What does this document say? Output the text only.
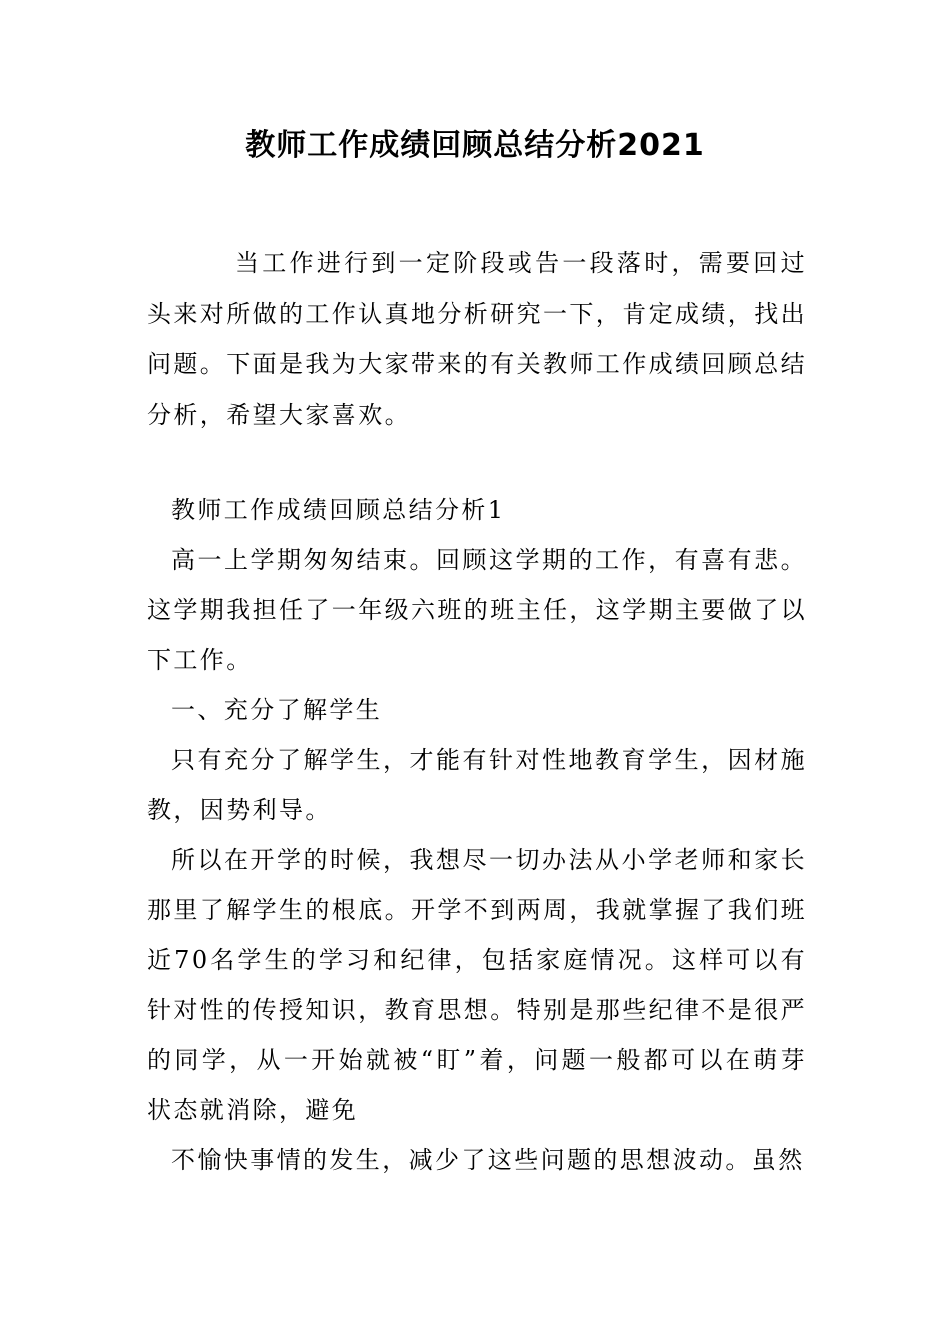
教师工作成绩回顾总结分析2021
当工作进行到一定阶段或告一段落时，需要回过头来对所做的工作认真地分析研究一下，肯定成绩，找出问题。下面是我为大家带来的有关教师工作成绩回顾总结分析，希望大家喜欢。

教师工作成绩回顾总结分析1

高一上学期匆匆结束。回顾这学期的工作，有喜有悲。这学期我担任了一年级六班的班主任，这学期主要做了以下工作。

一、充分了解学生

只有充分了解学生，才能有针对性地教育学生，因材施教，因势利导。

所以在开学的时候，我想尽一切办法从小学老师和家长那里了解学生的根底。开学不到两周，我就掌握了我们班近70名学生的学习和纪律，包括家庭情况。这样可以有针对性的传授知识，教育思想。特别是那些纪律不是很严的同学，从一开始就被“盯”着，问题一般都可以在萌芽状态就消除，避免

不愉快事情的发生，减少了这些问题的思想波动。虽然
